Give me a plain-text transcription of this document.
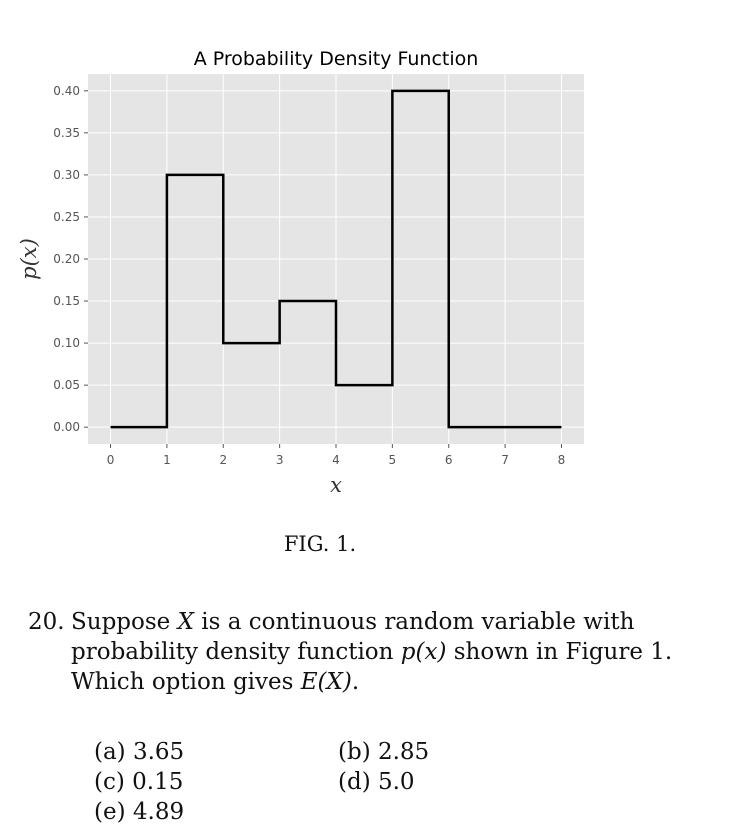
A Probability Density Function
0.00
0.05
0.10
0.15
0.20
0.25
0.30
0.35
0.40
0	1	2	3	4	5	6	7	8
x
p(x)
FIG. 1.
20. Suppose X is a continuous random variable with
probability density function p(x) shown in Figure 1.
Which option gives E(X).
(a) 3.65	(b) 2.85
(c) 0.15	(d) 5.0
(e) 4.89
